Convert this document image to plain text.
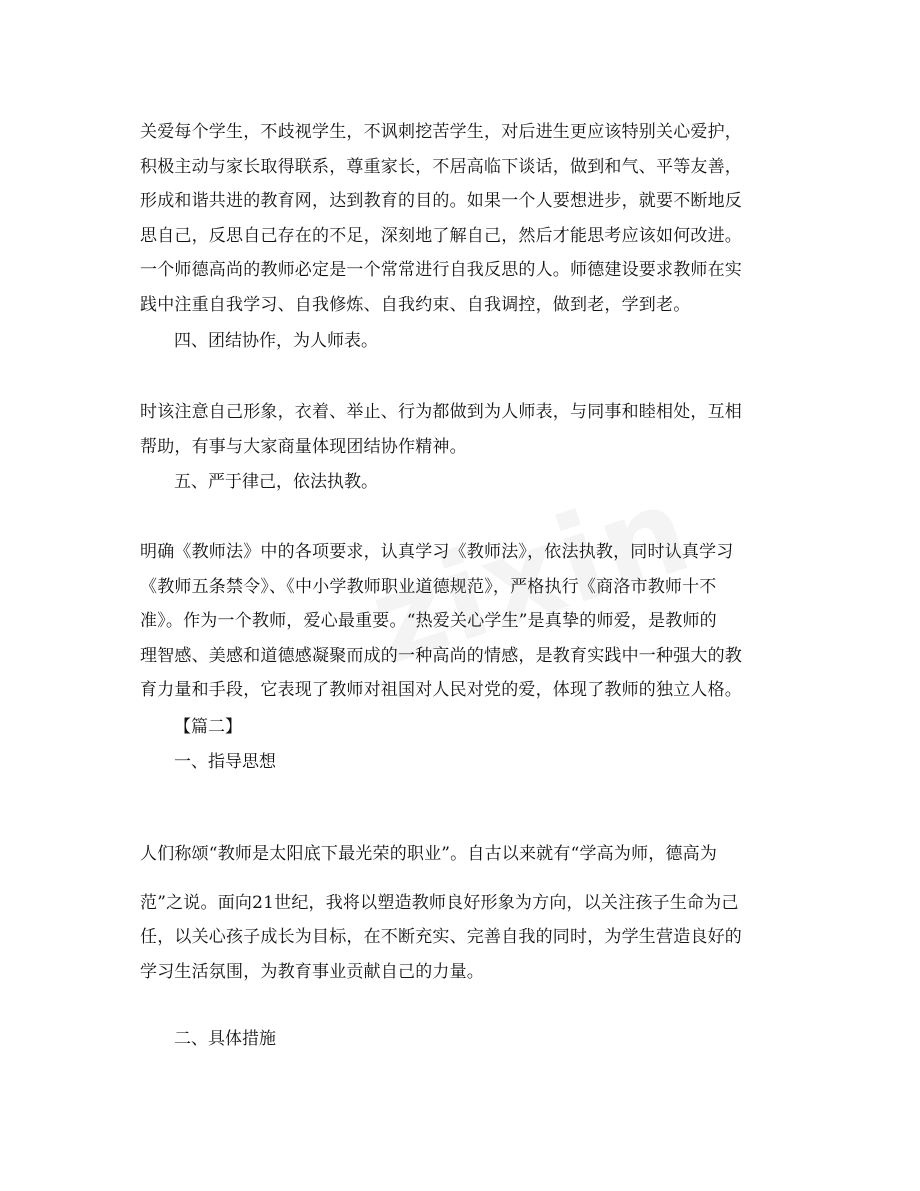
关爱每个学生，不歧视学生，不讽刺挖苦学生，对后进生更应该特别关心爱护，
积极主动与家长取得联系，尊重家长，不居高临下谈话，做到和气、平等友善，
形成和谐共进的教育网，达到教育的目的。如果一个人要想进步，就要不断地反
思自己，反思自己存在的不足，深刻地了解自己，然后才能思考应该如何改进。
一个师德高尚的教师必定是一个常常进行自我反思的人。师德建设要求教师在实
践中注重自我学习、自我修炼、自我约束、自我调控，做到老，学到老。
四、团结协作，为人师表。
时该注意自己形象，衣着、举止、行为都做到为人师表，与同事和睦相处，互相
帮助，有事与大家商量体现团结协作精神。
五、严于律己，依法执教。
明确《教师法》中的各项要求，认真学习《教师法》，依法执教，同时认真学习
《教师五条禁令》、《中小学教师职业道德规范》，严格执行《商洛市教师十不
准》。作为一个教师，爱心最重要。“热爱关心学生”是真挚的师爱，是教师的
理智感、美感和道德感凝聚而成的一种高尚的情感，是教育实践中一种强大的教
育力量和手段，它表现了教师对祖国对人民对党的爱，体现了教师的独立人格。
【篇二】
一、指导思想
人们称颂“教师是太阳底下最光荣的职业”。自古以来就有“学高为师，德高为
范”之说。面向21世纪，我将以塑造教师良好形象为方向，以关注孩子生命为己
任，以关心孩子成长为目标，在不断充实、完善自我的同时，为学生营造良好的
学习生活氛围，为教育事业贡献自己的力量。
二、具体措施
